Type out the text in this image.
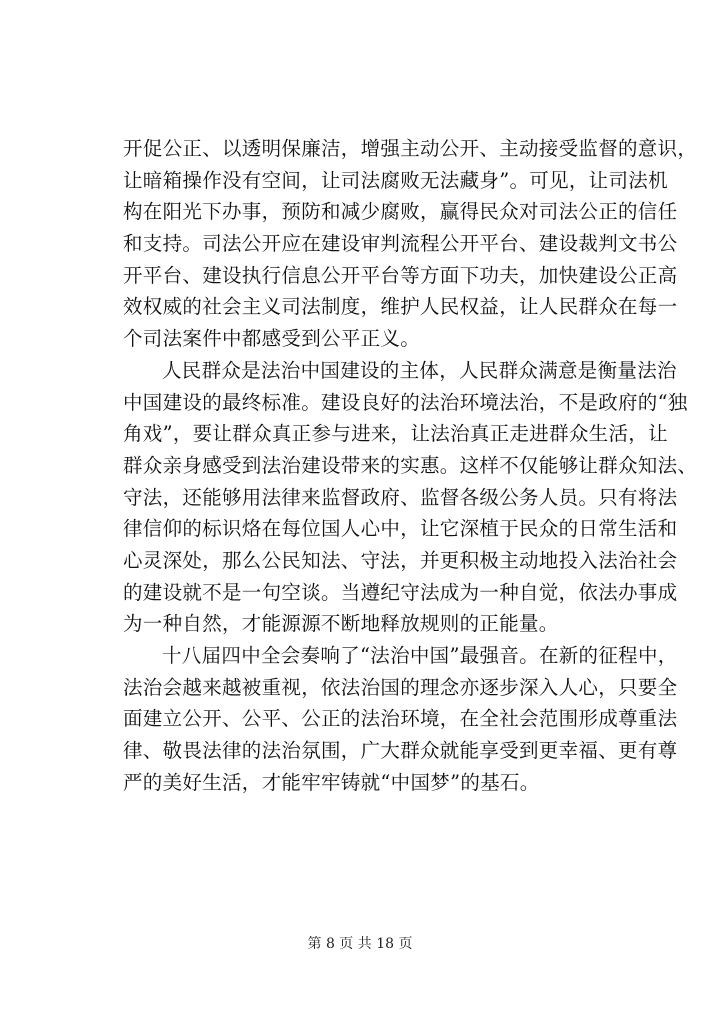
开促公正、以透明保廉洁，增强主动公开、主动接受监督的意识，
让暗箱操作没有空间，让司法腐败无法藏身”。可见，让司法机
构在阳光下办事，预防和减少腐败，赢得民众对司法公正的信任
和支持。司法公开应在建设审判流程公开平台、建设裁判文书公
开平台、建设执行信息公开平台等方面下功夫，加快建设公正高
效权威的社会主义司法制度，维护人民权益，让人民群众在每一
个司法案件中都感受到公平正义。
人民群众是法治中国建设的主体，人民群众满意是衡量法治
中国建设的最终标准。建设良好的法治环境法治，不是政府的“独
角戏”，要让群众真正参与进来，让法治真正走进群众生活，让
群众亲身感受到法治建设带来的实惠。这样不仅能够让群众知法、
守法，还能够用法律来监督政府、监督各级公务人员。只有将法
律信仰的标识烙在每位国人心中，让它深植于民众的日常生活和
心灵深处，那么公民知法、守法，并更积极主动地投入法治社会
的建设就不是一句空谈。当遵纪守法成为一种自觉，依法办事成
为一种自然，才能源源不断地释放规则的正能量。
十八届四中全会奏响了“法治中国”最强音。在新的征程中，
法治会越来越被重视，依法治国的理念亦逐步深入人心，只要全
面建立公开、公平、公正的法治环境，在全社会范围形成尊重法
律、敬畏法律的法治氛围，广大群众就能享受到更幸福、更有尊
严的美好生活，才能牢牢铸就“中国梦”的基石。
第 8 页 共 18 页
